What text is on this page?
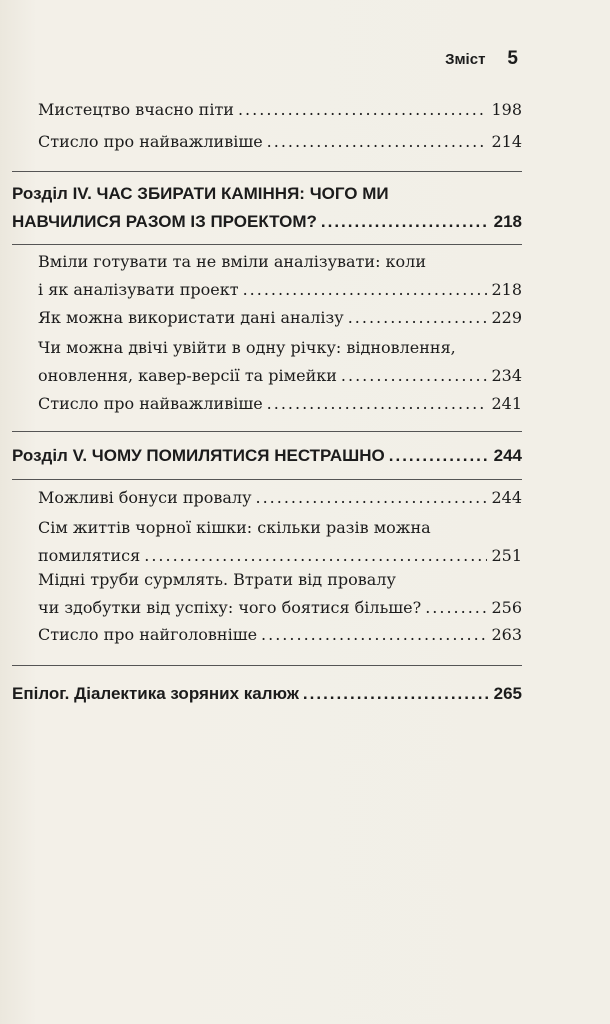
Зміст 5
Мистецтво вчасно піти .....	198
Стисло про найважливіше .....	214
Розділ IV. ЧАС ЗБИРАТИ КАМІННЯ: ЧОГО МИ
НАВЧИЛИСЯ РАЗОМ ІЗ ПРОЕКТОМ? .....	218
Вміли готувати та не вміли аналізувати: коли
і як аналізувати проект .....	218
Як можна використати дані аналізу .....	229
Чи можна двічі увійти в одну річку: відновлення,
оновлення, кавер-версії та рімейки .....	234
Стисло про найважливіше .....	241
Розділ V. ЧОМУ ПОМИЛЯТИСЯ НЕСТРАШНО .....	244
Можливі бонуси провалу .....	244
Сім життів чорної кішки: скільки разів можна
помилятися .....	251
Мідні труби сурмлять. Втрати від провалу
чи здобутки від успіху: чого боятися більше? .....	256
Стисло про найголовніше .....	263
Епілог. Діалектика зоряних калюж .....	265
